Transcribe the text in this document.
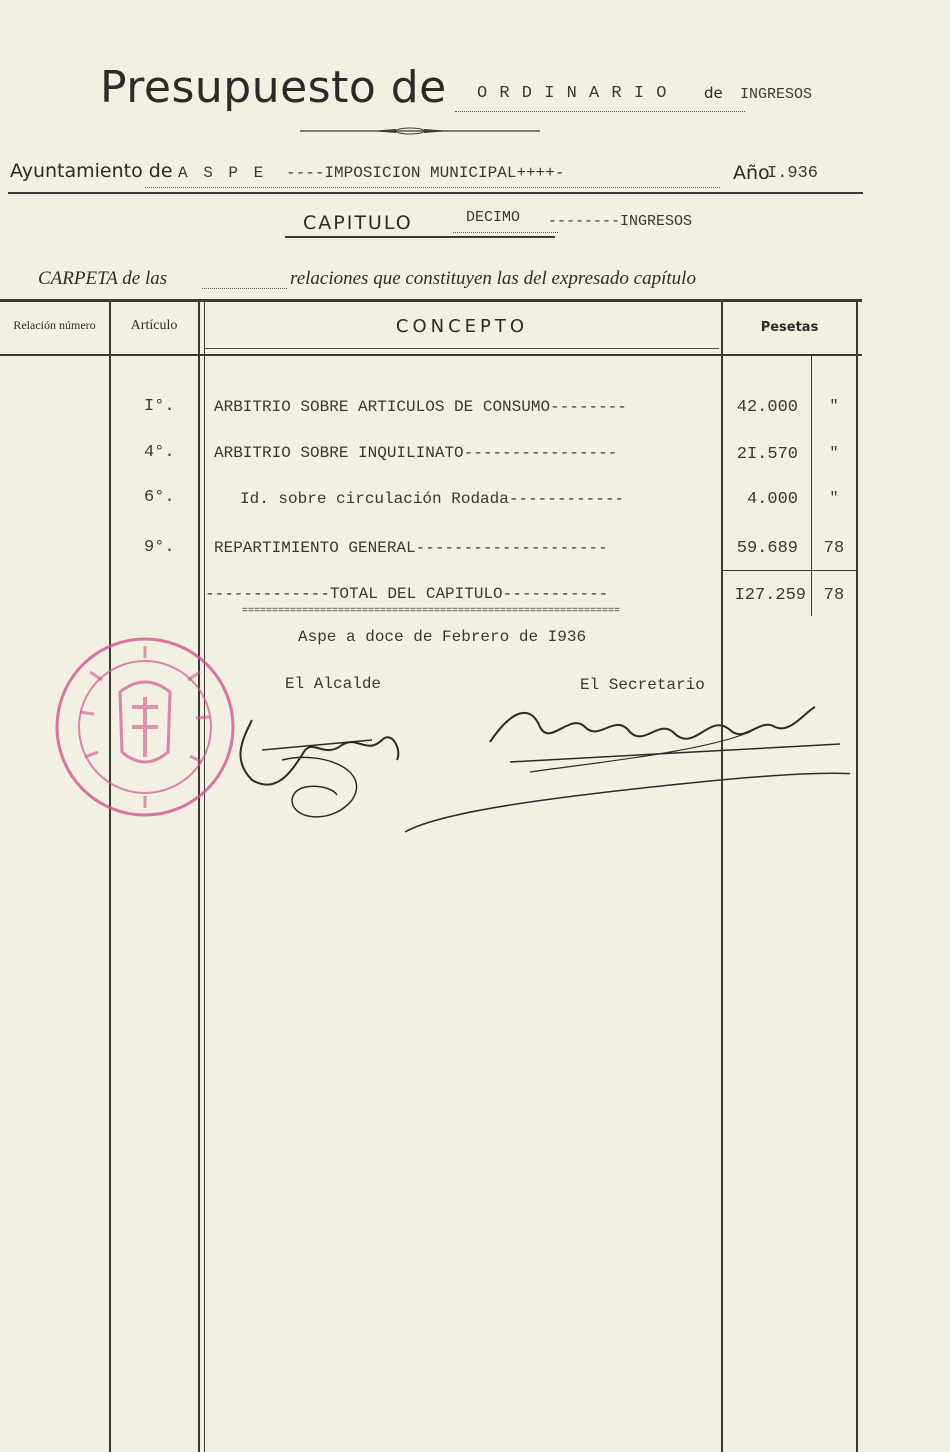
Presupuesto de	O R D I N A R I O	de INGRESOS
Ayuntamiento de A S P E ----IMPOSICION MUNICIPAL++++-	Año
I.936
CAPITULO	DECIMO --------INGRESOS
CARPETA de las	relaciones que constituyen las del expresado capítulo
Relación número	Artículo	CONCEPTO	Pesetas
I°. ARBITRIO SOBRE ARTICULOS DE CONSUMO--------	42.000	"
4°. ARBITRIO SOBRE INQUILINATO----------------	2I.570	"
6°.	Id. sobre circulación Rodada------------	4.000	"
9°. REPARTIMIENTO GENERAL--------------------	59.689	78
-------------TOTAL DEL CAPITULO-----------	I27.259	78
===============================================================
Aspe a doce de Febrero de I936
El Alcalde	El Secretario
